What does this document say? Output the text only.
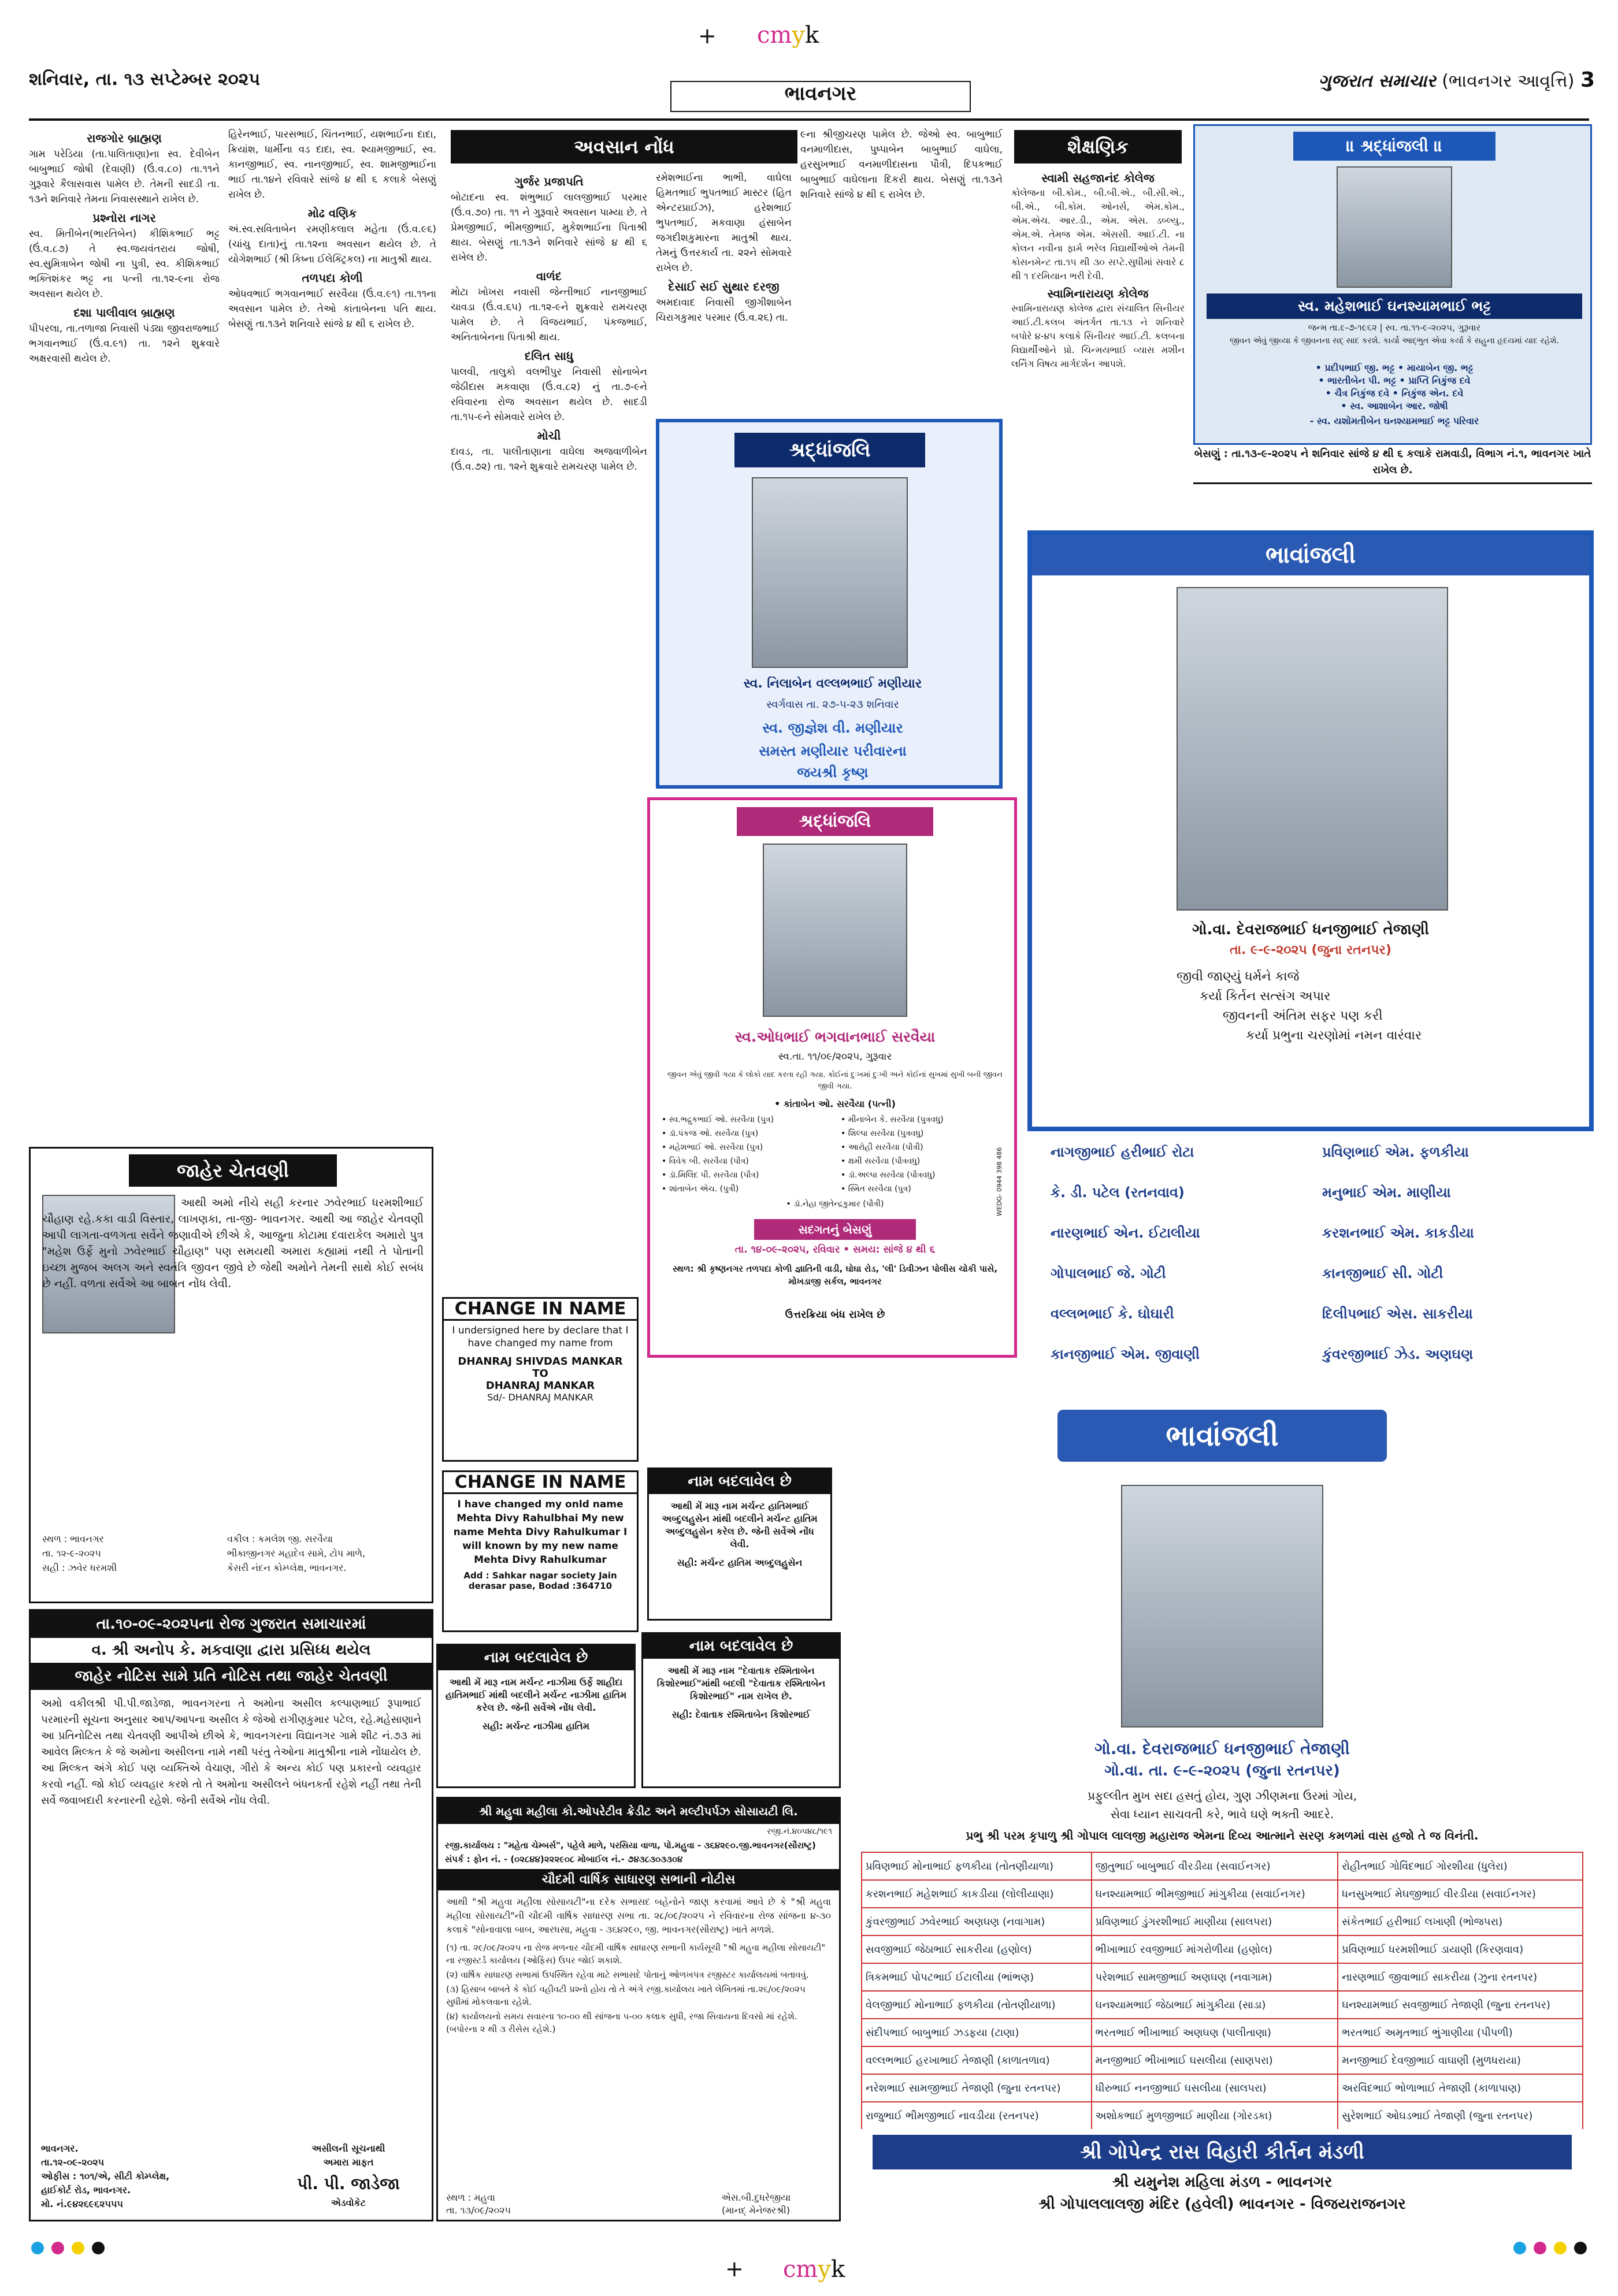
+	cmyk
શનિવાર, તા. ૧૩ સપ્ટેમ્બર ૨૦૨૫
ભાવનગર
ગુજરાત સમાચાર (ભાવનગર આવૃત્તિ) 3
રાજગોર બ્રાહ્મણ

ગામ પરેડિયા (તા.પાલિતાણા)ના સ્વ. દેવીબેન બાબુભાઈ જોષી (દેવાણી) (ઉં.વ.૮૦) તા.૧૧ને ગુરૂવારે કૈલાસવાસ પામેલ છે. તેમની સાદડી તા. ૧૩ને શનિવારે તેમના નિવાસસ્થાને રાખેલ છે.

પ્રશ્નોરા નાગર

સ્વ. મિતીબેન(ભારતિબેન) કીશિકભાઈ ભટ્ટ (ઉં.વ.૮૭) તે સ્વ.જયવંતરાય જોષી, સ્વ.સુમિત્રાબેન જોષી ના પુત્રી, સ્વ. કીશિકભાઈ ભક્તિશંકર ભટ્ટ ના પત્ની તા.૧૨-૯ના રોજ અવસાન થયેલ છે.

દશા પાલીવાલ બ્રાહ્મણ

પીપરલા, તા.તળાજા નિવાસી પંડ્યા જીવરાજભાઈ ભગવાનભાઈ (ઉં.વ.૯૧) તા. ૧૨ને શુક્રવારે અક્ષરવાસી થયેલ છે.

હિરેનભાઈ, પારસભાઈ, ચિંતનભાઈ, યશભાઈના દાદા, ક્રિયાંશ, ધાર્મીના વડ દાદા, સ્વ. શ્યામજીભાઈ, સ્વ. કાનજીભાઈ, સ્વ. નાનજીભાઈ, સ્વ. શામજીભાઈના ભાઈ તા.૧૪ને રવિવારે સાંજે ૪ થી ૬ કલાકે બેસણું રાખેલ છે.

મોઢ વણિક

અં.સ્વ.સવિતાબેન રમણીકલાલ મહેતા (ઉં.વ.૯૬) (ચાંચુ દાતા)નું તા.૧૨ના અવસાન થયેલ છે. તે યોગેશભાઈ (શ્રી કિષ્ના ઈલેક્ટ્રિકલ) ના માતુશ્રી થાય.

તળપદા કોળી

ઓધવભાઈ ભગવાનભાઈ સરવૈયા (ઉં.વ.૯૧) તા.૧૧ના અવસાન પામેલ છે. તેઓ કાંતાબેનના પતિ થાય. બેસણું તા.૧૩ને શનિવારે સાંજે ૪ થી ૬ રાખેલ છે.

અવસાન નોંધ
ગુર્જર પ્રજાપતિ

બોટાદના સ્વ. શંભુભાઈ લાલજીભાઈ પરમાર (ઉં.વ.૭૦) તા. ૧૧ ને ગુરૂવારે અવસાન પામ્યા છે. તે પ્રેમજીભાઈ, ભીમજીભાઈ, મુકેશભાઈના પિતાશ્રી થાય. બેસણું તા.૧૩ને શનિવારે સાંજે ૪ થી ૬ રાખેલ છે.

વાળંદ

મોટા ખોખરા નવાસી જેન્તીભાઈ નાનજીભાઈ ચાવડા (ઉં.વ.૬૫) તા.૧૨-૯ને શુક્રવારે રામચરણ પામેલ છે. તે વિજયભાઈ, પંકજભાઈ, અનિતાબેનના પિતાશ્રી થાય.

દલિત સાધુ

પાલવી, તાલુકો વલભીપુર નિવાસી સોનાબેન જેઠીદાસ મકવાણા (ઉં.વ.૮૨) નું તા.૭-૯ને રવિવારના રોજ અવસાન થયેલ છે. સાદડી તા.૧૫-૯ને સોમવારે રાખેલ છે.

મોચી

દાવડ, તા. પાલીતાણાના વાઘેલા અજવાળીબેન (ઉં.વ.૭૨) તા. ૧૨ને શુક્રવારે રામચરણ પામેલ છે.

રમેશભાઈના ભાભી, વાઘેલા હિમતભાઈ ભુપતભાઈ માસ્ટર (હિત એન્ટરપ્રાઈઝ), હરેશભાઈ ભુપતભાઈ, મકવાણા હંસાબેન જગદીશકુમારના માતુશ્રી થાય. તેમનું ઉત્તરકાર્ય તા. ૨૨ને સોમવારે રાખેલ છે.

દેસાઈ સઈ સુથાર દરજી

અમદાવાદ નિવાસી જીગીશાબેન ચિરાગકુમાર પરમાર (ઉં.વ.૨૬) તા.

૯ના શ્રીજીચરણ પામેલ છે. જેઓ સ્વ. બાબુભાઈ વનમાળીદાસ, પુષ્પાબેન બાબુભાઈ વાઘેલા, હરસુખભાઈ વનમાળીદાસના પૌત્રી, દિપકભાઈ બાબુભાઈ વાઘેલાના દિકરી થાય. બેસણું તા.૧૩ને શનિવારે સાંજે ૪ થી ૬ રાખેલ છે.

શૈક્ષણિક
સ્વામી સહજાનંદ કોલેજ

કોલેજના બી.કોમ., બી.બી.એ., બી.સી.એ., બી.એ., બી.કોમ. ઓનર્સ, એમ.કોમ., એમ.એચ. આર.ડી., એમ. એસ. ડબ્લ્યુ., એમ.એ. તેમજ એમ. એસસી. આઈ.ટી. ના કોલન નવીના ફાર્મ ભરેલ વિદ્યાર્થીઓએ તેમની કોસનમેન્ટ તા.૧૫ થી ૩૦ સપ્ટે.સુધીમાં સવારે ૮ થી ૧ દરમિયાન ભરી દેવી.

સ્વામિનારાયણ કોલેજ

સ્વામિનારાયણ કોલેજ દ્વારા સંચાલિત સિનીયર આઈ.ટી.કલબ અંતર્ગત તા.૧૩ ને શનિવારે બપોરે ૪-૪૫ કલાકે સિનીયર આઈ.ટી. કલબના વિદ્યાર્થીઓને પ્રો. ચિન્મયભાઈ વ્યાસ મશીન લર્નિંગ વિષય માર્ગદર્શન આપશે.

॥ શ્રદ્ધાંજલી ॥
સ્વ. મહેશભાઈ ઘનશ્યામભાઈ ભટ્ટ
જન્મ તા.૯-૭-૧૯૬૨ | સ્વ. તા.૧૧-૯-૨૦૨૫, ગુરૂવાર
જીવન એવું જીવ્યા કે જીવનના સદ્ સાદ કરશે. કાર્યો આદ્ભુત એવા કર્યા કે સહુના હૃદયમાં યાદ રહેશે.
• પ્રદીપભાઈ જી. ભટ્ટ • માયાબેન જી. ભટ્ટ
• ભારતીબેન પી. ભટ્ટ • પ્રાપ્તિ નિકુંજ દવે
• ચૈત્ર નિકુંજ દવે • નિકુંજ એન. દવે
• સ્વ. આશાબેન આર. જોષી
- સ્વ. યશોમતીબેન ઘનશ્યામભાઈ ભટ્ટ પરિવાર
બેસણું : તા.૧૩-૯-૨૦૨૫ ને શનિવાર સાંજે ૪ થી ૬ કલાકે રામવાડી, વિભાગ નં.૧, ભાવનગર ખાતે રાખેલ છે.
શ્રદ્ધાંજલિ
સ્વ. નિલાબેન વલ્લભભાઈ મણીયાર
સ્વર્ગવાસ તા. ૨૭-૫-૨૩ શનિવાર
સ્વ. જીજ્ઞેશ વી. મણીયાર
સમસ્ત મણીયાર પરીવારના
જયશ્રી કૃષ્ણ
શ્રદ્ધાંજલિ
સ્વ.ઓધભાઈ ભગવાનભાઈ સરવૈયા
સ્વ.તા. ૧૧/૦૯/૨૦૨૫, ગુરૂવાર
જીવન એવું જીવી ગયા કે લોકો યાદ કરતા રહી ગયા. કોઈનાં દુઃખમાં દુઃખી અને કોઈનાં સુખમાં સુખી બની જીવન જીવી ગયા.
• કાંતાબેન ઓ. સરવૈયા (પત્ની)
• સ્વ.ભદ્રુકભાઈ ઓ. સરવૈયા (પુત્ર)	• મીનાબેન કે. સરવૈયા (પુત્રવધુ)
• ડૉ.પંકજ ઓ. સરવૈયા (પુત્ર)	• શિલ્પા સરવૈયા (પુત્રવધુ)
• મહેશભાઈ ઓ. સરવૈયા (પુત્ર)	• આરોહી સરવૈયા (પૌત્રી)
• વિવેક બી. સરવૈયા (પૌત્ર)	• ક્ષમી સરવૈયા (પૌત્રવધુ)
• ડૉ.મિલિંદ પી. સરવૈયા (પૌત્ર)	• ડૉ.અલ્પા સરવૈયા (પૌત્રવધુ)
• શાંતાબેન એચ. (પુત્રી)	• સ્મિત સરવૈયા (પુત્ર)
• ડૉ.નેહા જીતેન્દ્રકુમાર (પૌત્રી)	WEDG- 0944 398 486
સદગતનું બેસણું
તા. ૧૪-૦૯-૨૦૨૫, રવિવાર • સમય: સાંજે ૪ થી ૬
સ્થળ: શ્રી કૃષ્ણનગર તળપદા કોળી જ્ઞાતિની વાડી, ઘોઘા રોડ, 'લી' ડિવીઝન પોલીસ ચોકી પાસે, મોખડાજી સર્કલ, ભાવનગર
ઉત્તરક્રિયા બંધ રાખેલ છે
ભાવાંજલી
ગો.વા. દેવરાજભાઈ ધનજીભાઈ તેજાણી
તા. ૯-૯-૨૦૨૫ (જુના રતનપર)
જીવી જાણ્યું ધર્મને કાજે
કર્યા કિર્તન સત્સંગ અપાર
જીવનની અંતિમ સફર પણ કરી
કર્યા પ્રભુના ચરણોમાં નમન વારંવાર
નાગજીભાઈ હરીભાઈ રોટા	પ્રવિણભાઈ એમ. ફળકીયા
કે. ડી. પટેલ (રતનવાવ)	મનુભાઈ એમ. માણીયા
નારણભાઈ એન. ઈટાલીયા	કરશનભાઈ એમ. કાકડીયા
ગોપાલભાઈ જે. ગોટી	કાનજીભાઈ સી. ગોટી
વલ્લભભાઈ કે. ઘોઘારી	દિલીપભાઈ એસ. સાકરીયા
કાનજીભાઈ એમ. જીવાણી	કુંવરજીભાઈ ઝેડ. અણઘણ
જાહેર ચેતવણી
આથી અમો નીચે સહી કરનાર ઝવેરભાઈ ધરમશીભાઈ ચૌહાણ રહે.કકા વાડી વિસ્તાર, લાખણકા, તા-જી- ભાવનગર. આથી આ જાહેર ચેતવણી આપી લાગતા-વળગતા સર્વેને જણાવીએ છીએ કે, આજુના કોટામા દવારાકેલ અમારો પુત્ર "મહેશ ઉર્ફે મુનો ઝવેરભાઈ ચૌહાણ" પણ સમયથી અમારા કહ્યામાં નથી તે પોતાની ઇચ્છા મુજબ અલગ અને સ્વતંત્રિ જીવન જીવે છે જેથી અમોને તેમની સાથે કોઈ સબંધ છે નહીં. વળતા સર્વેએ આ બાબત નોંધ લેવી.
સ્થળ : ભાવનગર
તા. ૧૨-૯-૨૦૨૫
સહી : ઝવેર ધરમશી
વકીલ : કમલેશ જી. સરવૈયા
ભીકાજીનગર મહાદેવ સામે, ટોપ માળે,
કેસરી નંદન કોમ્પ્લેક્ષ, ભાવનગર.
CHANGE IN NAME
I undersigned here by declare that I have changed my name from
DHANRAJ SHIVDAS MANKAR
TO
DHANRAJ MANKAR
Sd/- DHANRAJ MANKAR
CHANGE IN NAME
I have changed my onld name Mehta Divy Rahulbhai My new name Mehta Divy Rahulkumar I will known by my new name Mehta Divy Rahulkumar
Add : Sahkar nagar society Jain derasar pase, Bodad :364710
નામ બદલાવેલ છે
આથી મેં મારૂ નામ મર્ચન્ટ હાતિમભાઈ અબ્દુલહુસેન માંથી બદલીને મર્ચન્ટ હાતિમ અબ્દુલહુસેન કરેલ છે. જેની સર્વેએ નોંધ લેવી.
સહી: મર્ચન્ટ હાતિમ અબ્દુલહુસેન
નામ બદલાવેલ છે
આથી મેં મારૂ નામ મર્ચન્ટ નાઝીમા ઉર્ફે શાહીદા હાતિમભાઈ માંથી બદલીને મર્ચન્ટ નાઝીમા હાતિમ કરેલ છે. જેની સર્વેએ નોંધ લેવી.
સહી: મર્ચન્ટ નાઝીમા હાતિમ
નામ બદલાવેલ છે
આથી મેં મારૂ નામ "દેવાતાક રશ્મિતાબેન કિશોરભાઈ"માંથી બદલી "દેવાતાક રશ્મિતાબેન કિશોરભાઈ" નામ રાખેલ છે.
સહી: દેવાતાક રશ્મિતાબેન કિશોરભાઈ
તા.૧૦-૦૯-૨૦૨૫ના રોજ ગુજરાત સમાચારમાં
વ. શ્રી અનોપ કે. મકવાણા દ્વારા પ્રસિધ્ધ થયેલ
જાહેર નોટિસ સામે પ્રતિ નોટિસ તથા જાહેર ચેતવણી
અમો વકીલશ્રી પી.પી.જાડેજા, ભાવનગરના તે અમોના અસીલ કલ્પાણભાઈ રૂપાભાઈ પરમારની સૂચના અનુસાર આપ/આપના અસીલ કે જેઓ રાગીણકુમાર પટેલ, રહે.મહેસાણાને આ પ્રતિનોટિસ તથા ચેતવણી આપીએ છીએ કે, ભાવનગરના વિદ્યાનગર ગામે શીટ નં.૭૩ માં આવેલ મિલ્કત કે જે અમોના અસીલના નામે નથી પરંતુ તેઓના માતુશ્રીના નામે નોંધાયેલ છે. આ મિલ્કત અંગે કોઈ પણ વ્યક્તિએ વેચાણ, ગીરો કે અન્ય કોઈ પણ પ્રકારનો વ્યવહાર કરવો નહીં. જો કોઈ વ્યવહાર કરશે તો તે અમોના અસીલને બંધનકર્તા રહેશે નહીં તથા તેની સર્વે જવાબદારી કરનારની રહેશે. જેની સર્વેએ નોંધ લેવી.
ભાવનગર.
તા.૧૨-૦૯-૨૦૨૫
ઓફીસ : ૧૦૧/એ, સીટી કોમ્પ્લેક્ષ,
હાઈકોર્ટ રોડ, ભાવનગર.
મો. નં.૯૪૨૬૯૬૨૫૫૫
અસીલની સૂચનાથી
અમારા માફત
પી. પી. જાડેજા
એડવોકેટ
શ્રી મહુવા મહીલા કો.ઓપરેટીવ ક્રેડીટ અને મલ્ટીપર્પઝ સોસાયટી લિ.
રજી.નં.૪૦૫૪૮/૧૯૧
રજી.કાર્યાલય : "મહેતા ચેમ્બર્સ", પહેલે માળે, પરસિયા વાળા, પો.મહુવા - ૩૬૪૨૯૦.જી.ભાવનગર(સૌરાષ્ટ્ર)
સંપર્ક : ફોન નં. - (૦૨૮૪૪)૨૨૨૯૦૮ મોબાઈલ નં.- ૭૪૩૮૩૦૩૩૦૪
ચૌદમી વાર્ષિક સાધારણ સભાની નોટીસ
આથી "શ્રી મહુવા મહીલા સોસાયટી"ના દરેક સભાસદ બહેનોને જાણ કરવામાં આવે છે કે "શ્રી મહુવા મહીલા સોસાયટી"ની ચૌદમી વાર્ષિક સાધારણ સભા તા. ૨૮/૦૯/૨૦૨૫ ને રવિવારના રોજ સાંજના ૪-૩૦ કલાકે "સોનાવાલા બાબ, આરધસા, મહુવા - ૩૬૪૨૯૦, જી. ભાવનગર(સૌરાષ્ટ્ર) ખાતે મળશે.
(૧) તા. ૨૯/૦૯/૨૦૨૫ ના રોજ મળનાર ચૌદમી વાર્ષિક સાધારણ સભાની કાર્યસૂચી "શ્રી મહુવા મહીલા સોસાયટી" ના રજીસ્ટર્ડ કાર્યાલય (ઓફિસ) ઉપર જોઈ શકાશે.
(૨) વાર્ષિક સાધારણ સભામાં ઉપસ્થિત રહેવા માટે સભાસદે પોતાનું ઓળખપત્ર રજીસ્ટર કાર્યાલયમાં બતાવવું.
(૩) હિસાબ બાબતે કે કોઈ વહીવટી પ્રશ્નો હોય તો તે અંગે રજી.કાર્યાલય ખાતે લેખિતમાં તા.૨૬/૦૯/૨૦૨૫ સુધીમાં મોકલવાના રહેશે.
(૪) કાર્યાલયનો સમય સવારના ૧૦-૦૦ થી સાંજના ૫-૦૦ કલાક સુધી, રજા સિવાયના દિવસો માં રહેશે. (બપોરના ૨ થી ૩ રીસેસ રહેશે.)
સ્થળ : મહુવા
તા. ૧૩/૦૯/૨૦૨૫
એસ.બી.દુધરેજીયા
(માનદ્ મેનેજરશ્રી)
ભાવાંજલી
ગો.વા. દેવરાજભાઈ ધનજીભાઈ તેજાણી
ગો.વા. તા. ૯-૯-૨૦૨૫ (જુના રતનપર)
પ્રફુલ્લીત મુખ સદા હસતું હોય, ગુણ ઝીણમના ઉરમાં ગોય,
સેવા ધ્યાન સાચવતી કરે, ભાવે ઘણે ભક્તી આદરે.
પ્રભુ શ્રી પરમ કૃપાળુ શ્રી ગોપાલ લાલજી મહારાજ એમના દિવ્ય આત્માને સરણ કમળમાં વાસ હજો તે જ વિનંતી.
પ્રવિણભાઈ મોનાભાઈ ફળકીયા (તોતણીયાળા)	જીતુભાઈ બાબુભાઈ વીરડીયા (સવાઈનગર)	રોહીતભાઈ ગોવિંદભાઈ ગોરશીયા (ધુલેરા)
કરશનભાઈ મહેશભાઈ કાકડીયા (લોલીયાણા)	ઘનશ્યામભાઈ ભીમજીભાઈ માંગુકીયા (સવાઈનગર)	ધનસુખભાઈ મેઘજીભાઈ વીરડીયા (સવાઈનગર)
કુંવરજીભાઈ ઝવેરભાઈ અણઘણ (નવાગામ)	પ્રવિણભાઈ ડુંગરશીભાઈ માણીયા (સાલપરા)	સંકેતભાઈ હરીભાઈ લખાણી (ભોજપરા)
સવજીભાઈ જેઠાભાઈ સાકરીયા (હણોલ)	ભીખાભાઈ રવજીભાઈ માંગરોળીયા (હણોલ)	પ્રવિણભાઈ ધરમશીભાઈ ડાયાણી (કિરણવાવ)
ત્રિકમભાઈ પોપટભાઈ ઈટાલીયા (ભાંભણ)	પરેશભાઈ સામજીભાઈ અણઘણ (નવાગામ)	નારણભાઈ જીવાભાઈ સાકરીયા (ઝુના રતનપર)
વેલજીભાઈ મોનાભાઈ ફળકીયા (તોતણીયાળા)	ઘનશ્યામભાઈ જેઠાભાઈ માંગુકીયા (સાડા)	ઘનશ્યામભાઈ સવજીભાઈ તેજાણી (જુના રતનપર)
સંદીપભાઈ બાબુભાઈ ઝડફયા (ટાણા)	ભરતભાઈ ભીખાભાઈ અણઘણ (પાલીતાણા)	ભરતભાઈ અમૃતભાઈ ભુંગાણીયા (પીપળી)
વલ્લભભાઈ હરખાભાઈ તેજાણી (કાળાતળાવ)	મનજીભાઈ ભીખાભાઈ ઘસલીયા (સાણપરા)	મનજીભાઈ દેવજીભાઈ વાઘાણી (મુળધરાયા)
નરેશભાઈ સામજીભાઈ તેજાણી (જુના રતનપર)	ધીરુભાઈ નનજીભાઈ ઘસલીયા (સાલપરા)	અરવિંદભાઈ ભોળાભાઈ તેજાણી (કાળાપાણ)
રાજુભાઈ ભીમજીભાઈ નાવડીયા (રતનપર)	અશોકભાઈ મુળજીભાઈ માણીયા (ગોરડકા)	સુરેશભાઈ ઓઘડભાઈ તેજાણી (જુના રતનપર)

શ્રી ગોપેન્દ્ર રાસ વિહારી કીર્તન મંડળી
શ્રી યમુનેશ મહિલા મંડળ - ભાવનગર
શ્રી ગોપાલલાલજી મંદિર (હવેલી) ભાવનગર - વિજયરાજનગર

+	cmyk
